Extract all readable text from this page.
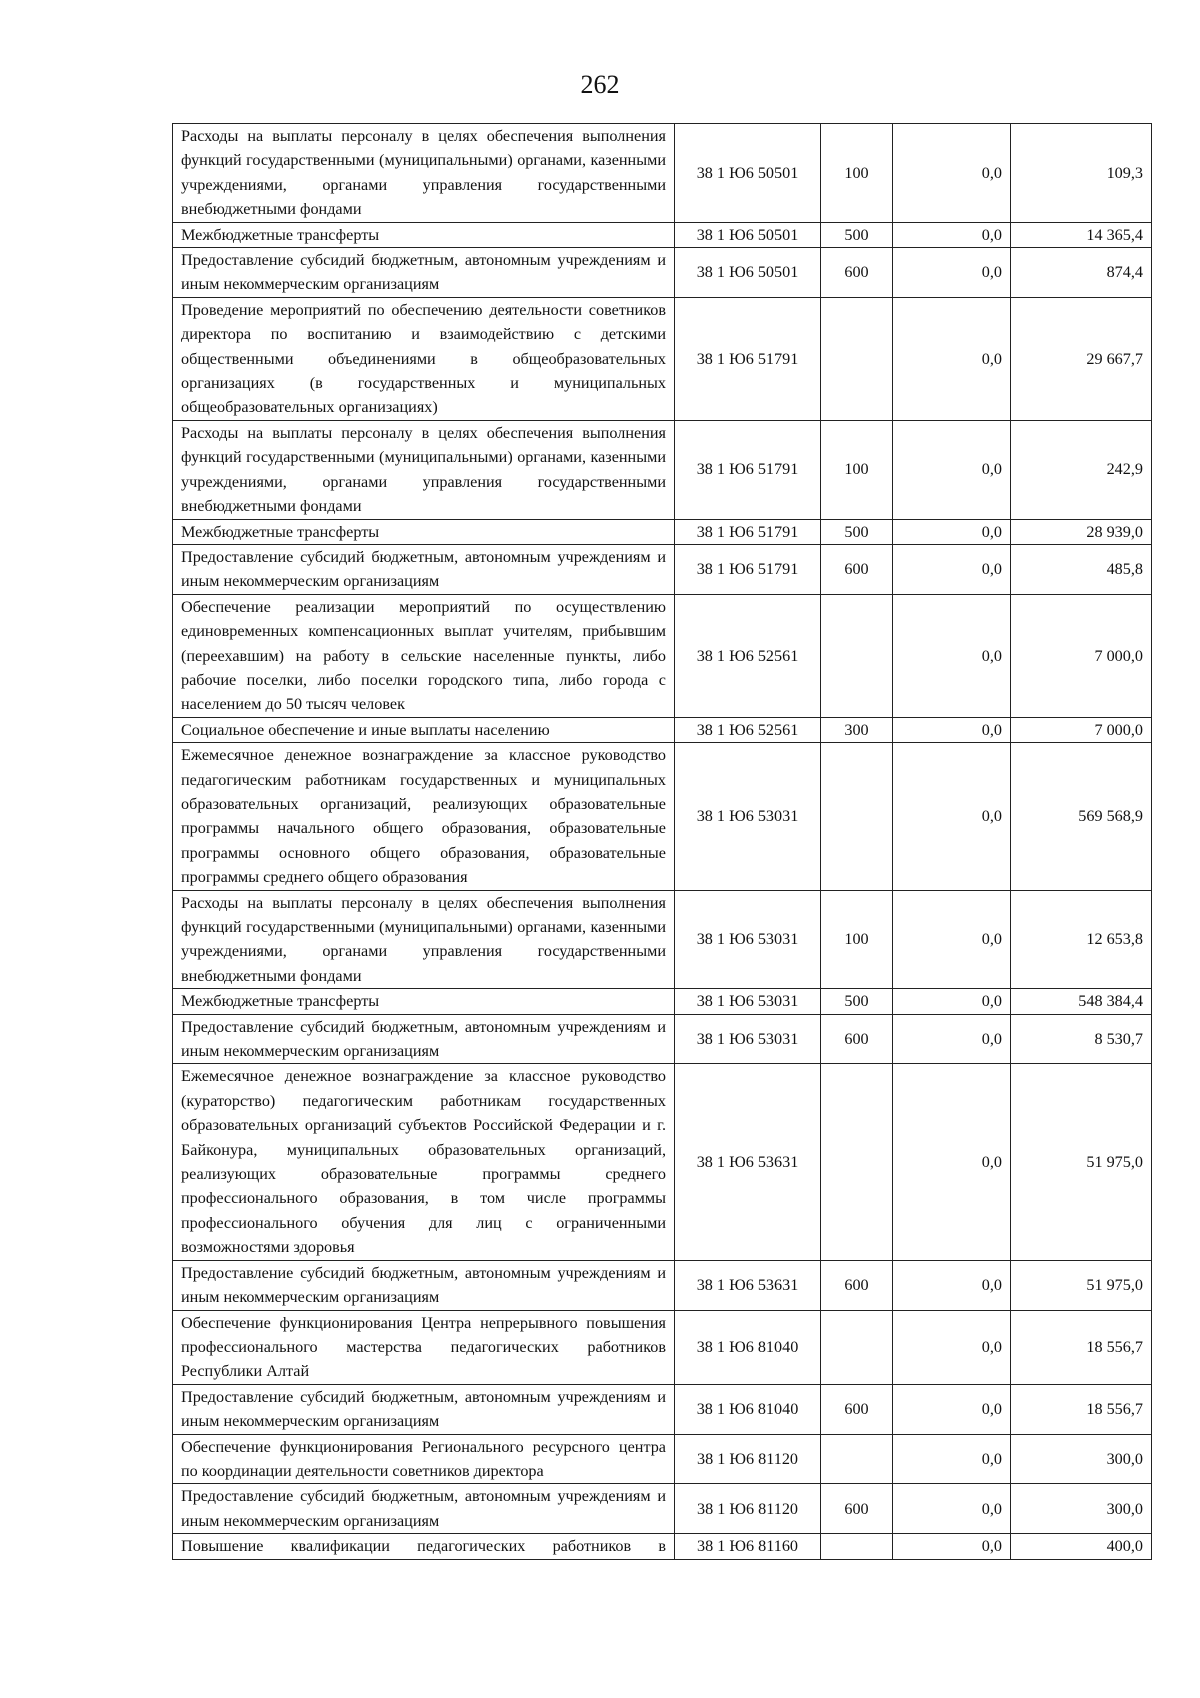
262
Расходы на выплаты персоналу в целях обеспечения выполнения функций государственными (муниципальными) органами, казенными учреждениями, органами управления государственными внебюджетными фондами	38 1 Ю6 50501	100	0,0	109,3
Межбюджетные трансферты	38 1 Ю6 50501	500	0,0	14 365,4
Предоставление субсидий бюджетным, автономным учреждениям и иным некоммерческим организациям	38 1 Ю6 50501	600	0,0	874,4
Проведение мероприятий по обеспечению деятельности советников директора по воспитанию и взаимодействию с детскими общественными объединениями в общеобразовательных организациях (в государственных и муниципальных общеобразовательных организациях)	38 1 Ю6 51791		0,0	29 667,7
Расходы на выплаты персоналу в целях обеспечения выполнения функций государственными (муниципальными) органами, казенными учреждениями, органами управления государственными внебюджетными фондами	38 1 Ю6 51791	100	0,0	242,9
Межбюджетные трансферты	38 1 Ю6 51791	500	0,0	28 939,0
Предоставление субсидий бюджетным, автономным учреждениям и иным некоммерческим организациям	38 1 Ю6 51791	600	0,0	485,8
Обеспечение реализации мероприятий по осуществлению единовременных компенсационных выплат учителям, прибывшим (переехавшим) на работу в сельские населенные пункты, либо рабочие поселки, либо поселки городского типа, либо города с населением до 50 тысяч человек	38 1 Ю6 52561		0,0	7 000,0
Социальное обеспечение и иные выплаты населению	38 1 Ю6 52561	300	0,0	7 000,0
Ежемесячное денежное вознаграждение за классное руководство педагогическим работникам государственных и муниципальных образовательных организаций, реализующих образовательные программы начального общего образования, образовательные программы основного общего образования, образовательные программы среднего общего образования	38 1 Ю6 53031		0,0	569 568,9
Расходы на выплаты персоналу в целях обеспечения выполнения функций государственными (муниципальными) органами, казенными учреждениями, органами управления государственными внебюджетными фондами	38 1 Ю6 53031	100	0,0	12 653,8
Межбюджетные трансферты	38 1 Ю6 53031	500	0,0	548 384,4
Предоставление субсидий бюджетным, автономным учреждениям и иным некоммерческим организациям	38 1 Ю6 53031	600	0,0	8 530,7
Ежемесячное денежное вознаграждение за классное руководство (кураторство) педагогическим работникам государственных образовательных организаций субъектов Российской Федерации и г. Байконура, муниципальных образовательных организаций, реализующих образовательные программы среднего профессионального образования, в том числе программы профессионального обучения для лиц с ограниченными возможностями здоровья	38 1 Ю6 53631		0,0	51 975,0
Предоставление субсидий бюджетным, автономным учреждениям и иным некоммерческим организациям	38 1 Ю6 53631	600	0,0	51 975,0
Обеспечение функционирования Центра непрерывного повышения профессионального мастерства педагогических работников Республики Алтай	38 1 Ю6 81040		0,0	18 556,7
Предоставление субсидий бюджетным, автономным учреждениям и иным некоммерческим организациям	38 1 Ю6 81040	600	0,0	18 556,7
Обеспечение функционирования Регионального ресурсного центра по координации деятельности советников директора	38 1 Ю6 81120		0,0	300,0
Предоставление субсидий бюджетным, автономным учреждениям и иным некоммерческим организациям	38 1 Ю6 81120	600	0,0	300,0

Повышение квалификации педагогических работников в	38 1 Ю6 81160		0,0	400,0
